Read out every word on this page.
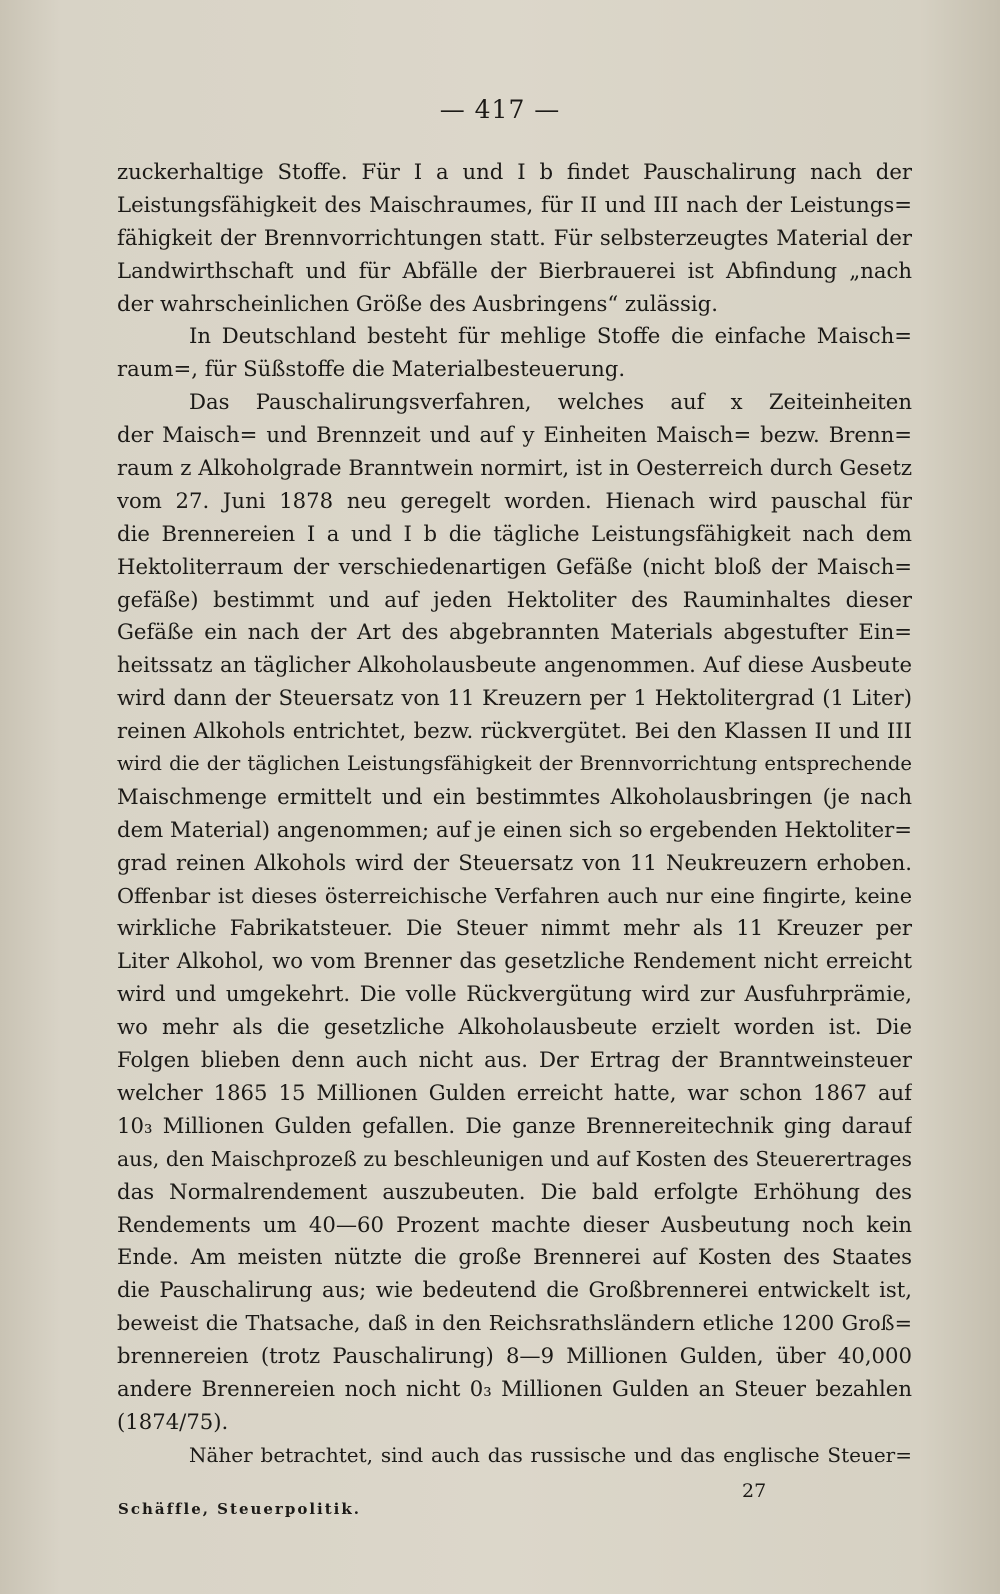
— 417 —
zuckerhaltige Stoffe. Für I a und I b findet Pauschalirung nach der
Leistungsfähigkeit des Maischraumes, für II und III nach der Leistungs=
fähigkeit der Brennvorrichtungen statt. Für selbsterzeugtes Material der
Landwirthschaft und für Abfälle der Bierbrauerei ist Abfindung „nach
der wahrscheinlichen Größe des Ausbringens“ zulässig.
In Deutschland besteht für mehlige Stoffe die einfache Maisch=
raum=, für Süßstoffe die Materialbesteuerung.
Das Pauschalirungsverfahren, welches auf x Zeiteinheiten
der Maisch= und Brennzeit und auf y Einheiten Maisch= bezw. Brenn=
raum z Alkoholgrade Branntwein normirt, ist in Oesterreich durch Gesetz
vom 27. Juni 1878 neu geregelt worden. Hienach wird pauschal für
die Brennereien I a und I b die tägliche Leistungsfähigkeit nach dem
Hektoliterraum der verschiedenartigen Gefäße (nicht bloß der Maisch=
gefäße) bestimmt und auf jeden Hektoliter des Rauminhaltes dieser
Gefäße ein nach der Art des abgebrannten Materials abgestufter Ein=
heitssatz an täglicher Alkoholausbeute angenommen. Auf diese Ausbeute
wird dann der Steuersatz von 11 Kreuzern per 1 Hektolitergrad (1 Liter)
reinen Alkohols entrichtet, bezw. rückvergütet. Bei den Klassen II und III
wird die der täglichen Leistungsfähigkeit der Brennvorrichtung entsprechende
Maischmenge ermittelt und ein bestimmtes Alkoholausbringen (je nach
dem Material) angenommen; auf je einen sich so ergebenden Hektoliter=
grad reinen Alkohols wird der Steuersatz von 11 Neukreuzern erhoben.
Offenbar ist dieses österreichische Verfahren auch nur eine fingirte, keine
wirkliche Fabrikatsteuer. Die Steuer nimmt mehr als 11 Kreuzer per
Liter Alkohol, wo vom Brenner das gesetzliche Rendement nicht erreicht
wird und umgekehrt. Die volle Rückvergütung wird zur Ausfuhrprämie,
wo mehr als die gesetzliche Alkoholausbeute erzielt worden ist. Die
Folgen blieben denn auch nicht aus. Der Ertrag der Branntweinsteuer
welcher 1865 15 Millionen Gulden erreicht hatte, war schon 1867 auf
10₃ Millionen Gulden gefallen. Die ganze Brennereitechnik ging darauf
aus, den Maischprozeß zu beschleunigen und auf Kosten des Steuerertrages
das Normalrendement auszubeuten. Die bald erfolgte Erhöhung des
Rendements um 40—60 Prozent machte dieser Ausbeutung noch kein
Ende. Am meisten nützte die große Brennerei auf Kosten des Staates
die Pauschalirung aus; wie bedeutend die Großbrennerei entwickelt ist,
beweist die Thatsache, daß in den Reichsrathsländern etliche 1200 Groß=
brennereien (trotz Pauschalirung) 8—9 Millionen Gulden, über 40,000
andere Brennereien noch nicht 0₃ Millionen Gulden an Steuer bezahlen
(1874/75).
Näher betrachtet, sind auch das russische und das englische Steuer=
Schäffle, Steuerpolitik.
27
